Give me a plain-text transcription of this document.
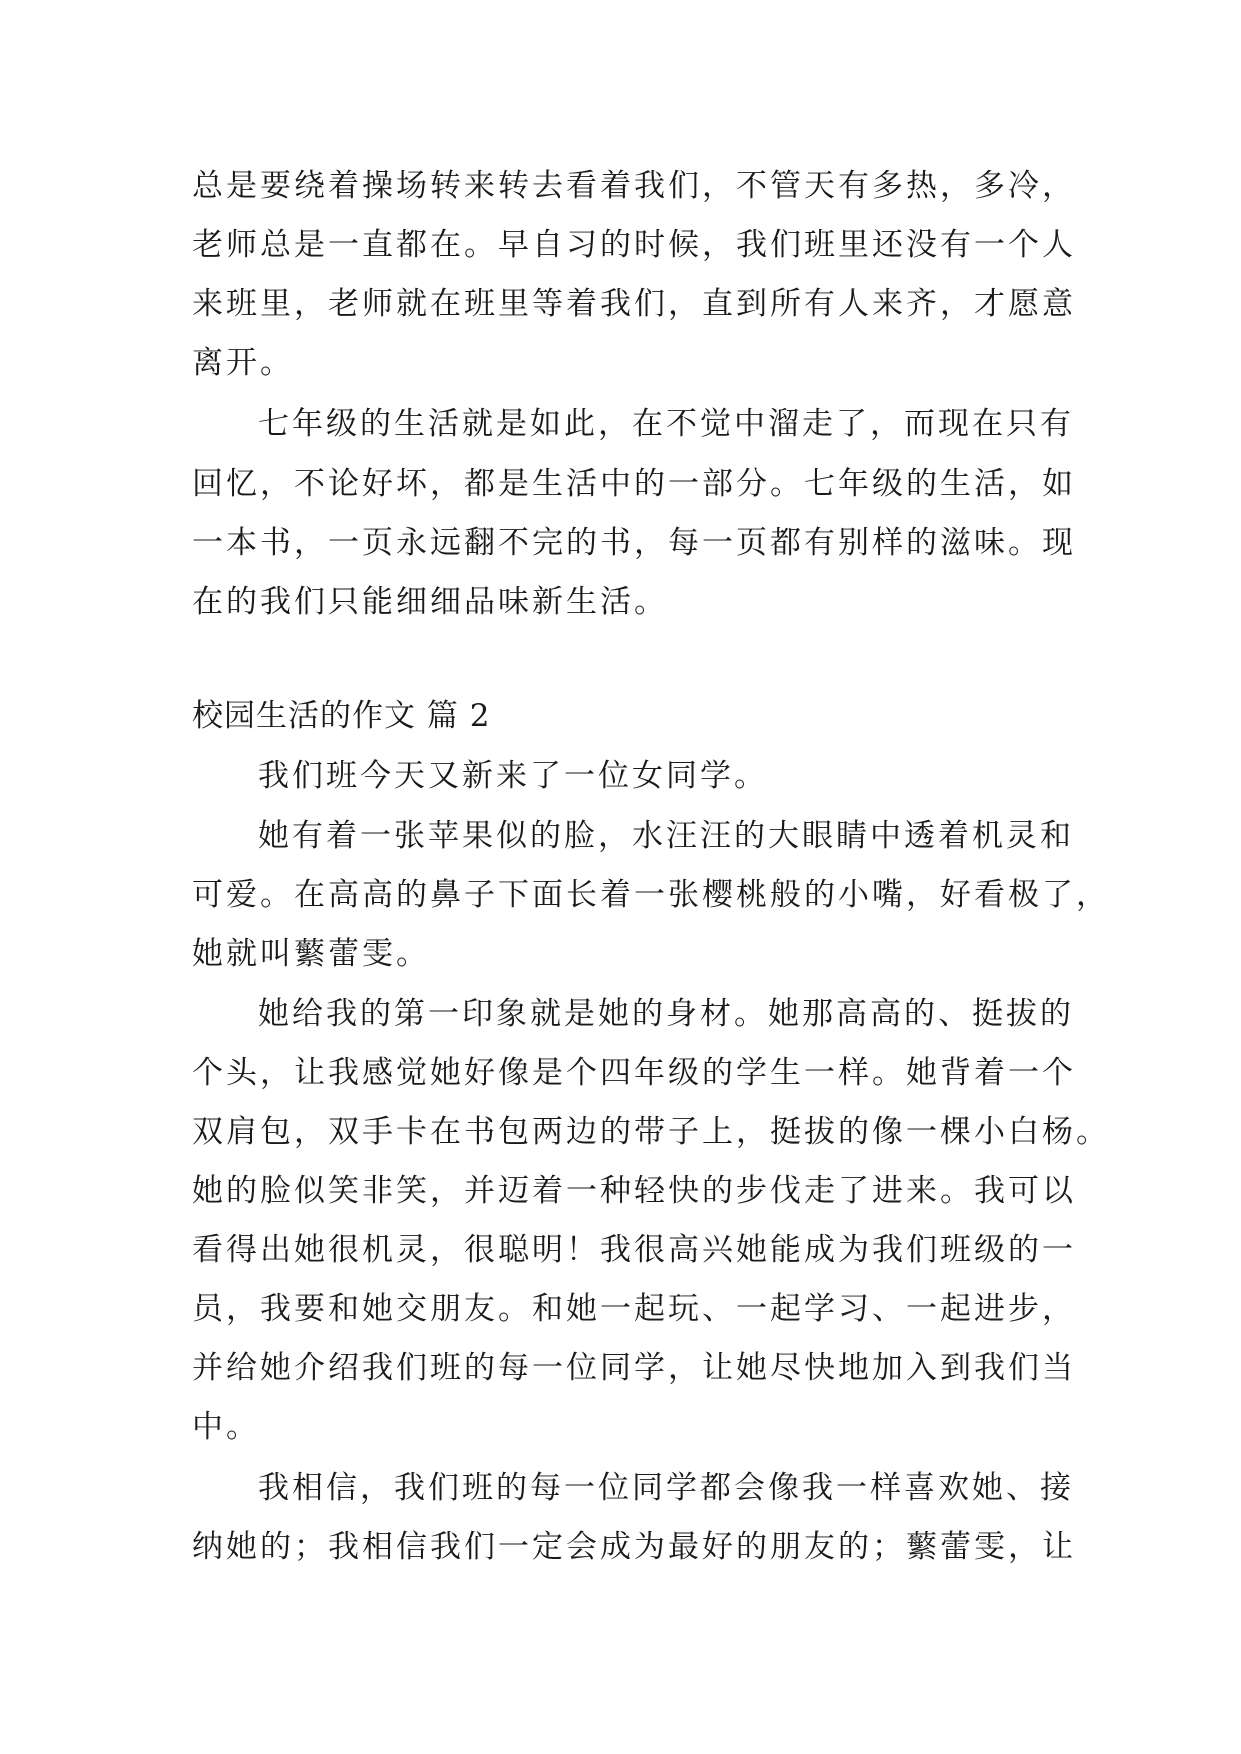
总是要绕着操场转来转去看着我们，不管天有多热，多冷，

老师总是一直都在。早自习的时候，我们班里还没有一个人

来班里，老师就在班里等着我们，直到所有人来齐，才愿意

离开。

七年级的生活就是如此，在不觉中溜走了，而现在只有

回忆，不论好坏，都是生活中的一部分。七年级的生活，如

一本书，一页永远翻不完的书，每一页都有别样的滋味。现

在的我们只能细细品味新生活。

校园生活的作文 篇 2

我们班今天又新来了一位女同学。

她有着一张苹果似的脸，水汪汪的大眼睛中透着机灵和

可爱。在高高的鼻子下面长着一张樱桃般的小嘴，好看极了，

她就叫蘩蕾雯。

她给我的第一印象就是她的身材。她那高高的、挺拔的

个头，让我感觉她好像是个四年级的学生一样。她背着一个

双肩包，双手卡在书包两边的带子上，挺拔的像一棵小白杨。

她的脸似笑非笑，并迈着一种轻快的步伐走了进来。我可以

看得出她很机灵，很聪明！我很高兴她能成为我们班级的一

员，我要和她交朋友。和她一起玩、一起学习、一起进步，

并给她介绍我们班的每一位同学，让她尽快地加入到我们当

中。

我相信，我们班的每一位同学都会像我一样喜欢她、接

纳她的；我相信我们一定会成为最好的朋友的；蘩蕾雯，让
